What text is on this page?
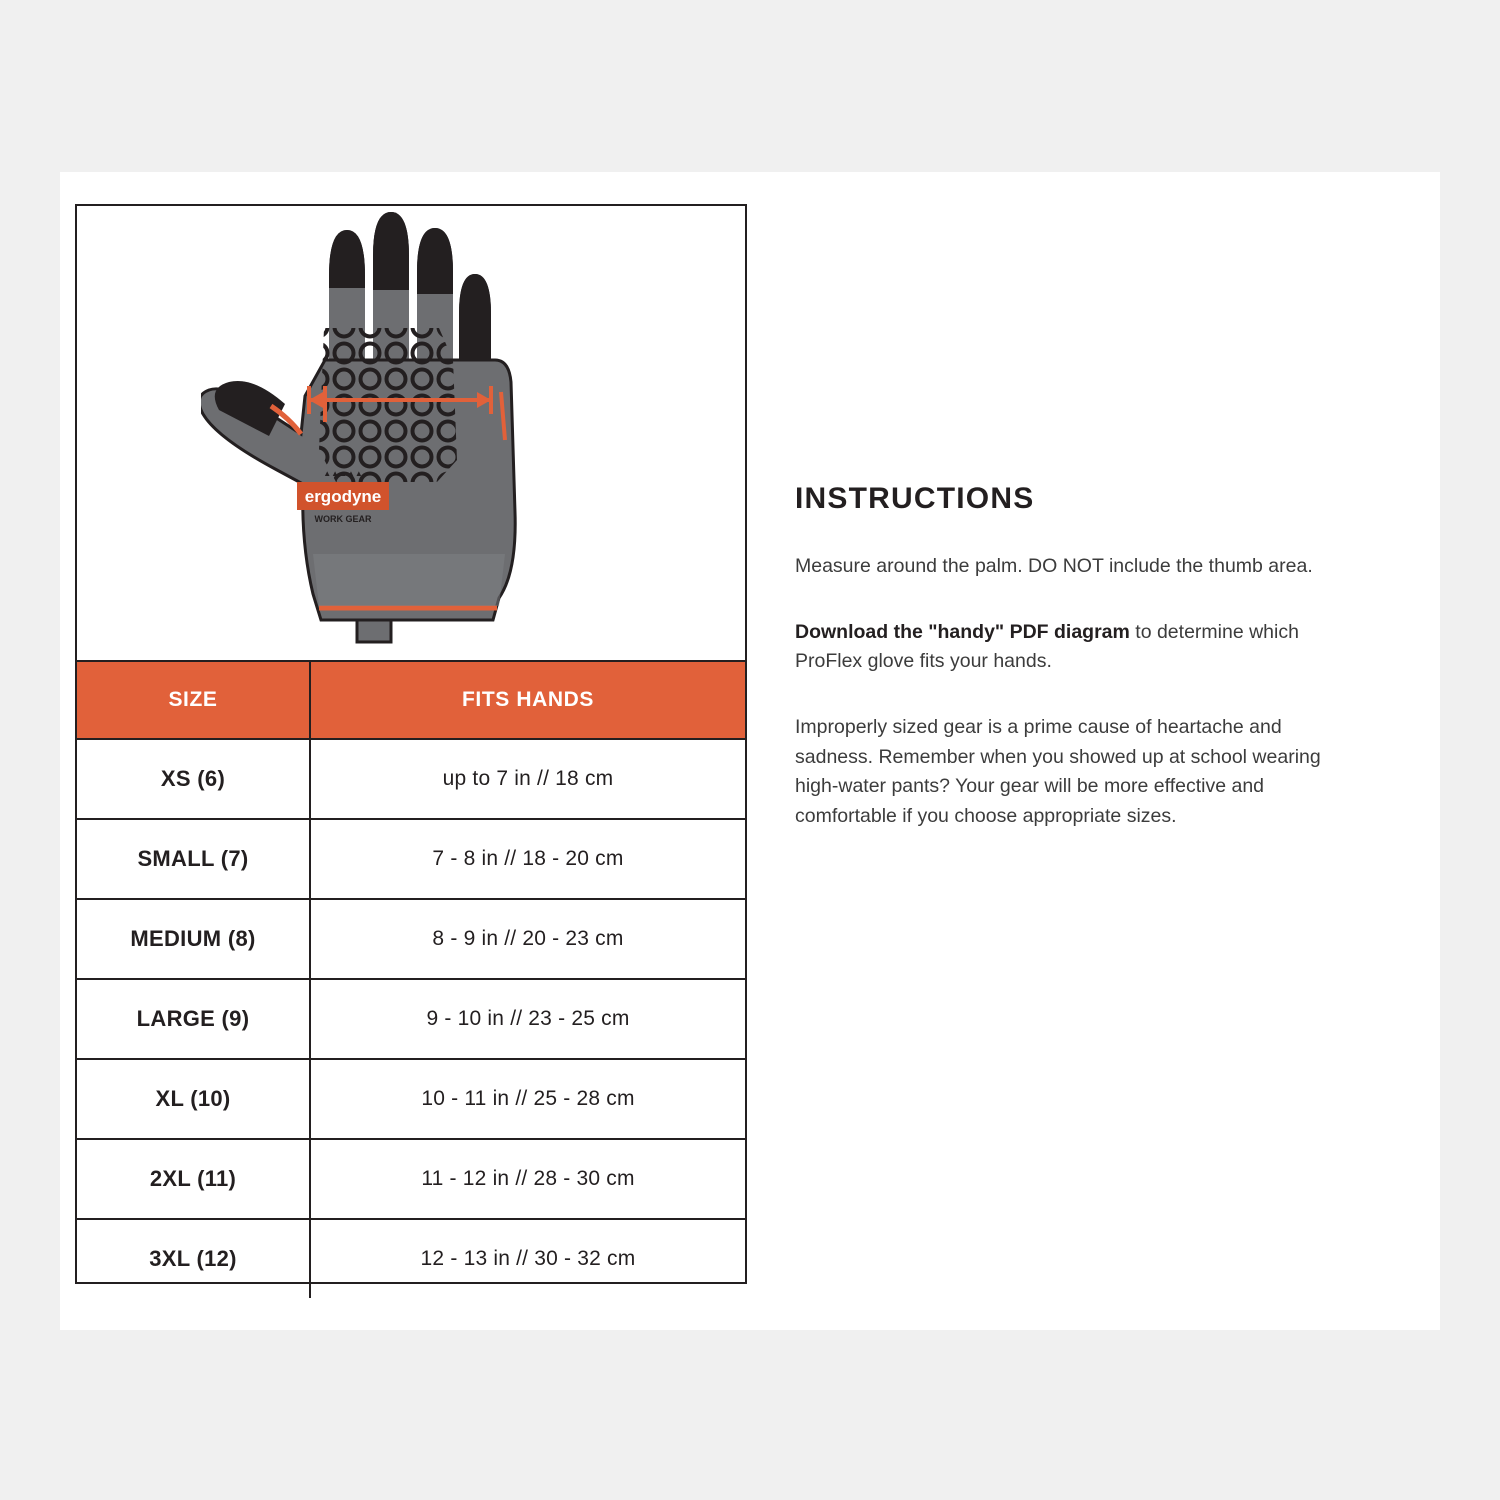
ergodyne
▲▲▲▲▲
WORK GEAR
SIZE	FITS HANDS
XS (6)	up to 7 in // 18 cm
SMALL (7)	7 - 8 in // 18 - 20 cm
MEDIUM (8)	8 - 9 in // 20 - 23 cm
LARGE (9)	9 - 10 in // 23 - 25 cm
XL (10)	10 - 11 in // 25 - 28 cm
2XL (11)	11 - 12 in // 28 - 30 cm
3XL (12)	12 - 13 in // 30 - 32 cm
INSTRUCTIONS

Measure around the palm. DO NOT include the thumb area.

Download the "handy" PDF diagram to determine which ProFlex glove fits your hands.

Improperly sized gear is a prime cause of heartache and sadness. Remember when you showed up at school wearing high-water pants? Your gear will be more effective and comfortable if you choose appropriate sizes.
